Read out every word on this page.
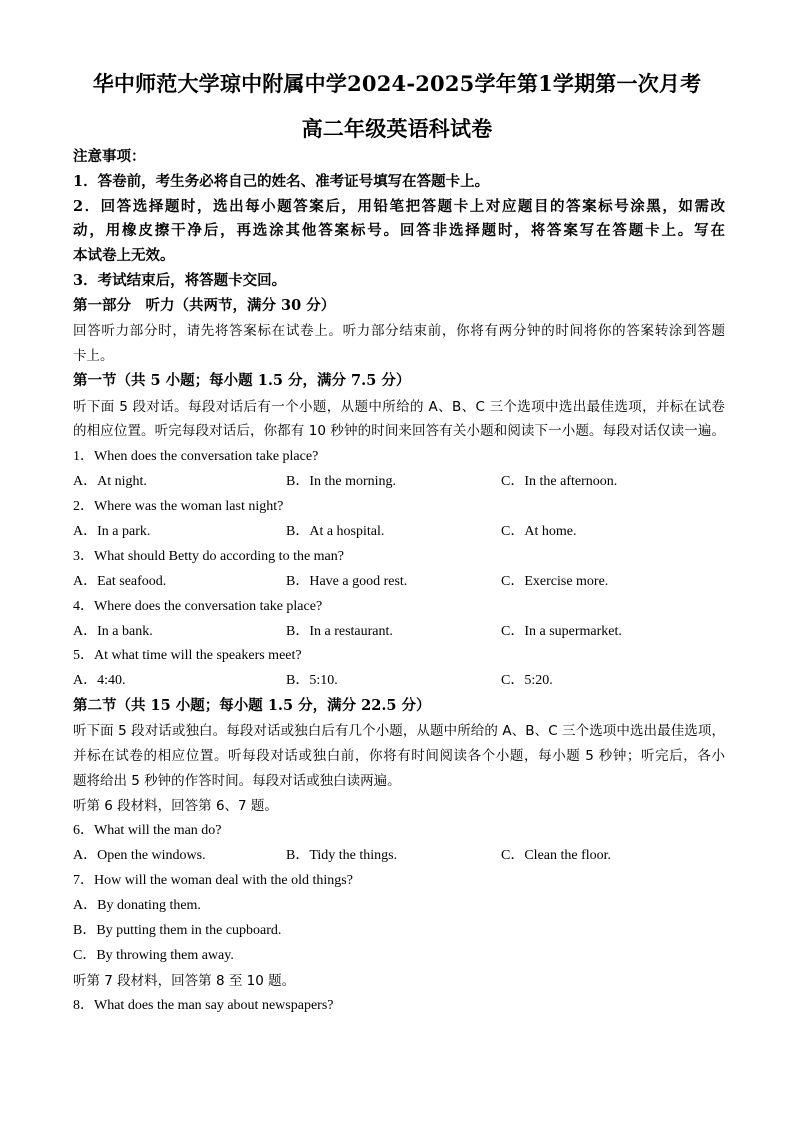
华中师范大学琼中附属中学2024-2025学年第1学期第一次月考
高二年级英语科试卷
注意事项：
1．答卷前，考生务必将自己的姓名、准考证号填写在答题卡上。
2．回答选择题时，选出每小题答案后，用铅笔把答题卡上对应题目的答案标号涂黑，如需改
动，用橡皮擦干净后，再选涂其他答案标号。回答非选择题时，将答案写在答题卡上。写在
本试卷上无效。
3．考试结束后，将答题卡交回。
第一部分　听力（共两节，满分 30 分）
回答听力部分时，请先将答案标在试卷上。听力部分结束前，你将有两分钟的时间将你的答案转涂到答题
卡上。
第一节（共 5 小题；每小题 1.5 分，满分 7.5 分）
听下面 5 段对话。每段对话后有一个小题，从题中所给的 A、B、C 三个选项中选出最佳选项，并标在试卷
的相应位置。听完每段对话后，你都有 10 秒钟的时间来回答有关小题和阅读下一小题。每段对话仅读一遍。
1．When does the conversation take place?
A．At night.	B．In the morning.	C．In the afternoon.
2．Where was the woman last night?
A．In a park.	B．At a hospital.	C．At home.
3．What should Betty do according to the man?
A．Eat seafood.	B．Have a good rest.	C．Exercise more.
4．Where does the conversation take place?
A．In a bank.	B．In a restaurant.	C．In a supermarket.
5．At what time will the speakers meet?
A．4:40.	B．5:10.	C．5:20.
第二节（共 15 小题；每小题 1.5 分，满分 22.5 分）
听下面 5 段对话或独白。每段对话或独白后有几个小题，从题中所给的 A、B、C 三个选项中选出最佳选项，
并标在试卷的相应位置。听每段对话或独白前，你将有时间阅读各个小题，每小题 5 秒钟；听完后，各小
题将给出 5 秒钟的作答时间。每段对话或独白读两遍。
听第 6 段材料，回答第 6、7 题。
6．What will the man do?
A．Open the windows.	B．Tidy the things.	C．Clean the floor.
7．How will the woman deal with the old things?
A．By donating them.
B．By putting them in the cupboard.
C．By throwing them away.
听第 7 段材料，回答第 8 至 10 题。
8．What does the man say about newspapers?
